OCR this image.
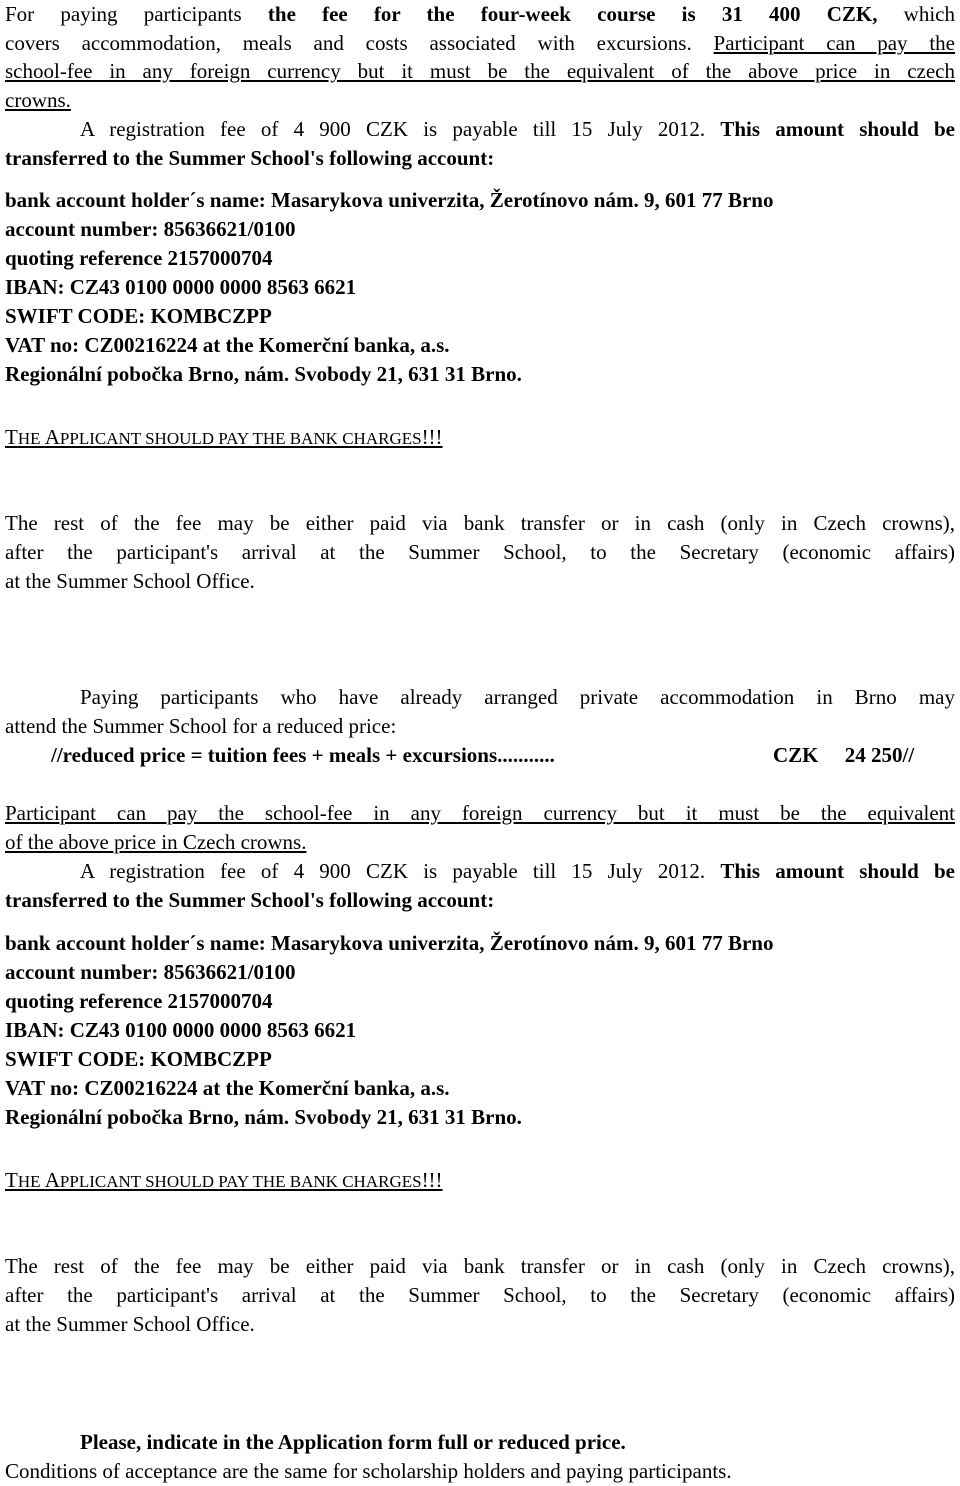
For paying participants the fee for the four-week course is 31 400 CZK, which
covers accommodation, meals and costs associated with excursions. Participant can pay the
school-fee in any foreign currency but it must be the equivalent of the above price in czech
crowns.
A registration fee of 4 900 CZK is payable till 15 July 2012. This amount should be
transferred to the Summer School's following account:
bank account holder´s name: Masarykova univerzita, Žerotínovo nám. 9, 601 77 Brno
account number: 85636621/0100
quoting reference 2157000704
IBAN: CZ43 0100 0000 0000 8563 6621
SWIFT CODE: KOMBCZPP
VAT no: CZ00216224 at the Komerční banka, a.s.
Regionální pobočka Brno, nám. Svobody 21, 631 31 Brno.
THE APPLICANT SHOULD PAY THE BANK CHARGES!!!
The rest of the fee may be either paid via bank transfer or in cash (only in Czech crowns),
after the participant's arrival at the Summer School, to the Secretary (economic affairs)
at the Summer School Office.
Paying participants who have already arranged private accommodation in Brno may
attend the Summer School for a reduced price:
//reduced price = tuition fees + meals + excursions...........	CZK     24 250//
Participant can pay the school-fee in any foreign currency but it must be the equivalent
of the above price in Czech crowns.
A registration fee of 4 900 CZK is payable till 15 July 2012. This amount should be
transferred to the Summer School's following account:
bank account holder´s name: Masarykova univerzita, Žerotínovo nám. 9, 601 77 Brno
account number: 85636621/0100
quoting reference 2157000704
IBAN: CZ43 0100 0000 0000 8563 6621
SWIFT CODE: KOMBCZPP
VAT no: CZ00216224 at the Komerční banka, a.s.
Regionální pobočka Brno, nám. Svobody 21, 631 31 Brno.
THE APPLICANT SHOULD PAY THE BANK CHARGES!!!
The rest of the fee may be either paid via bank transfer or in cash (only in Czech crowns),
after the participant's arrival at the Summer School, to the Secretary (economic affairs)
at the Summer School Office.
Please, indicate in the Application form full or reduced price.
Conditions of acceptance are the same for scholarship holders and paying participants.
